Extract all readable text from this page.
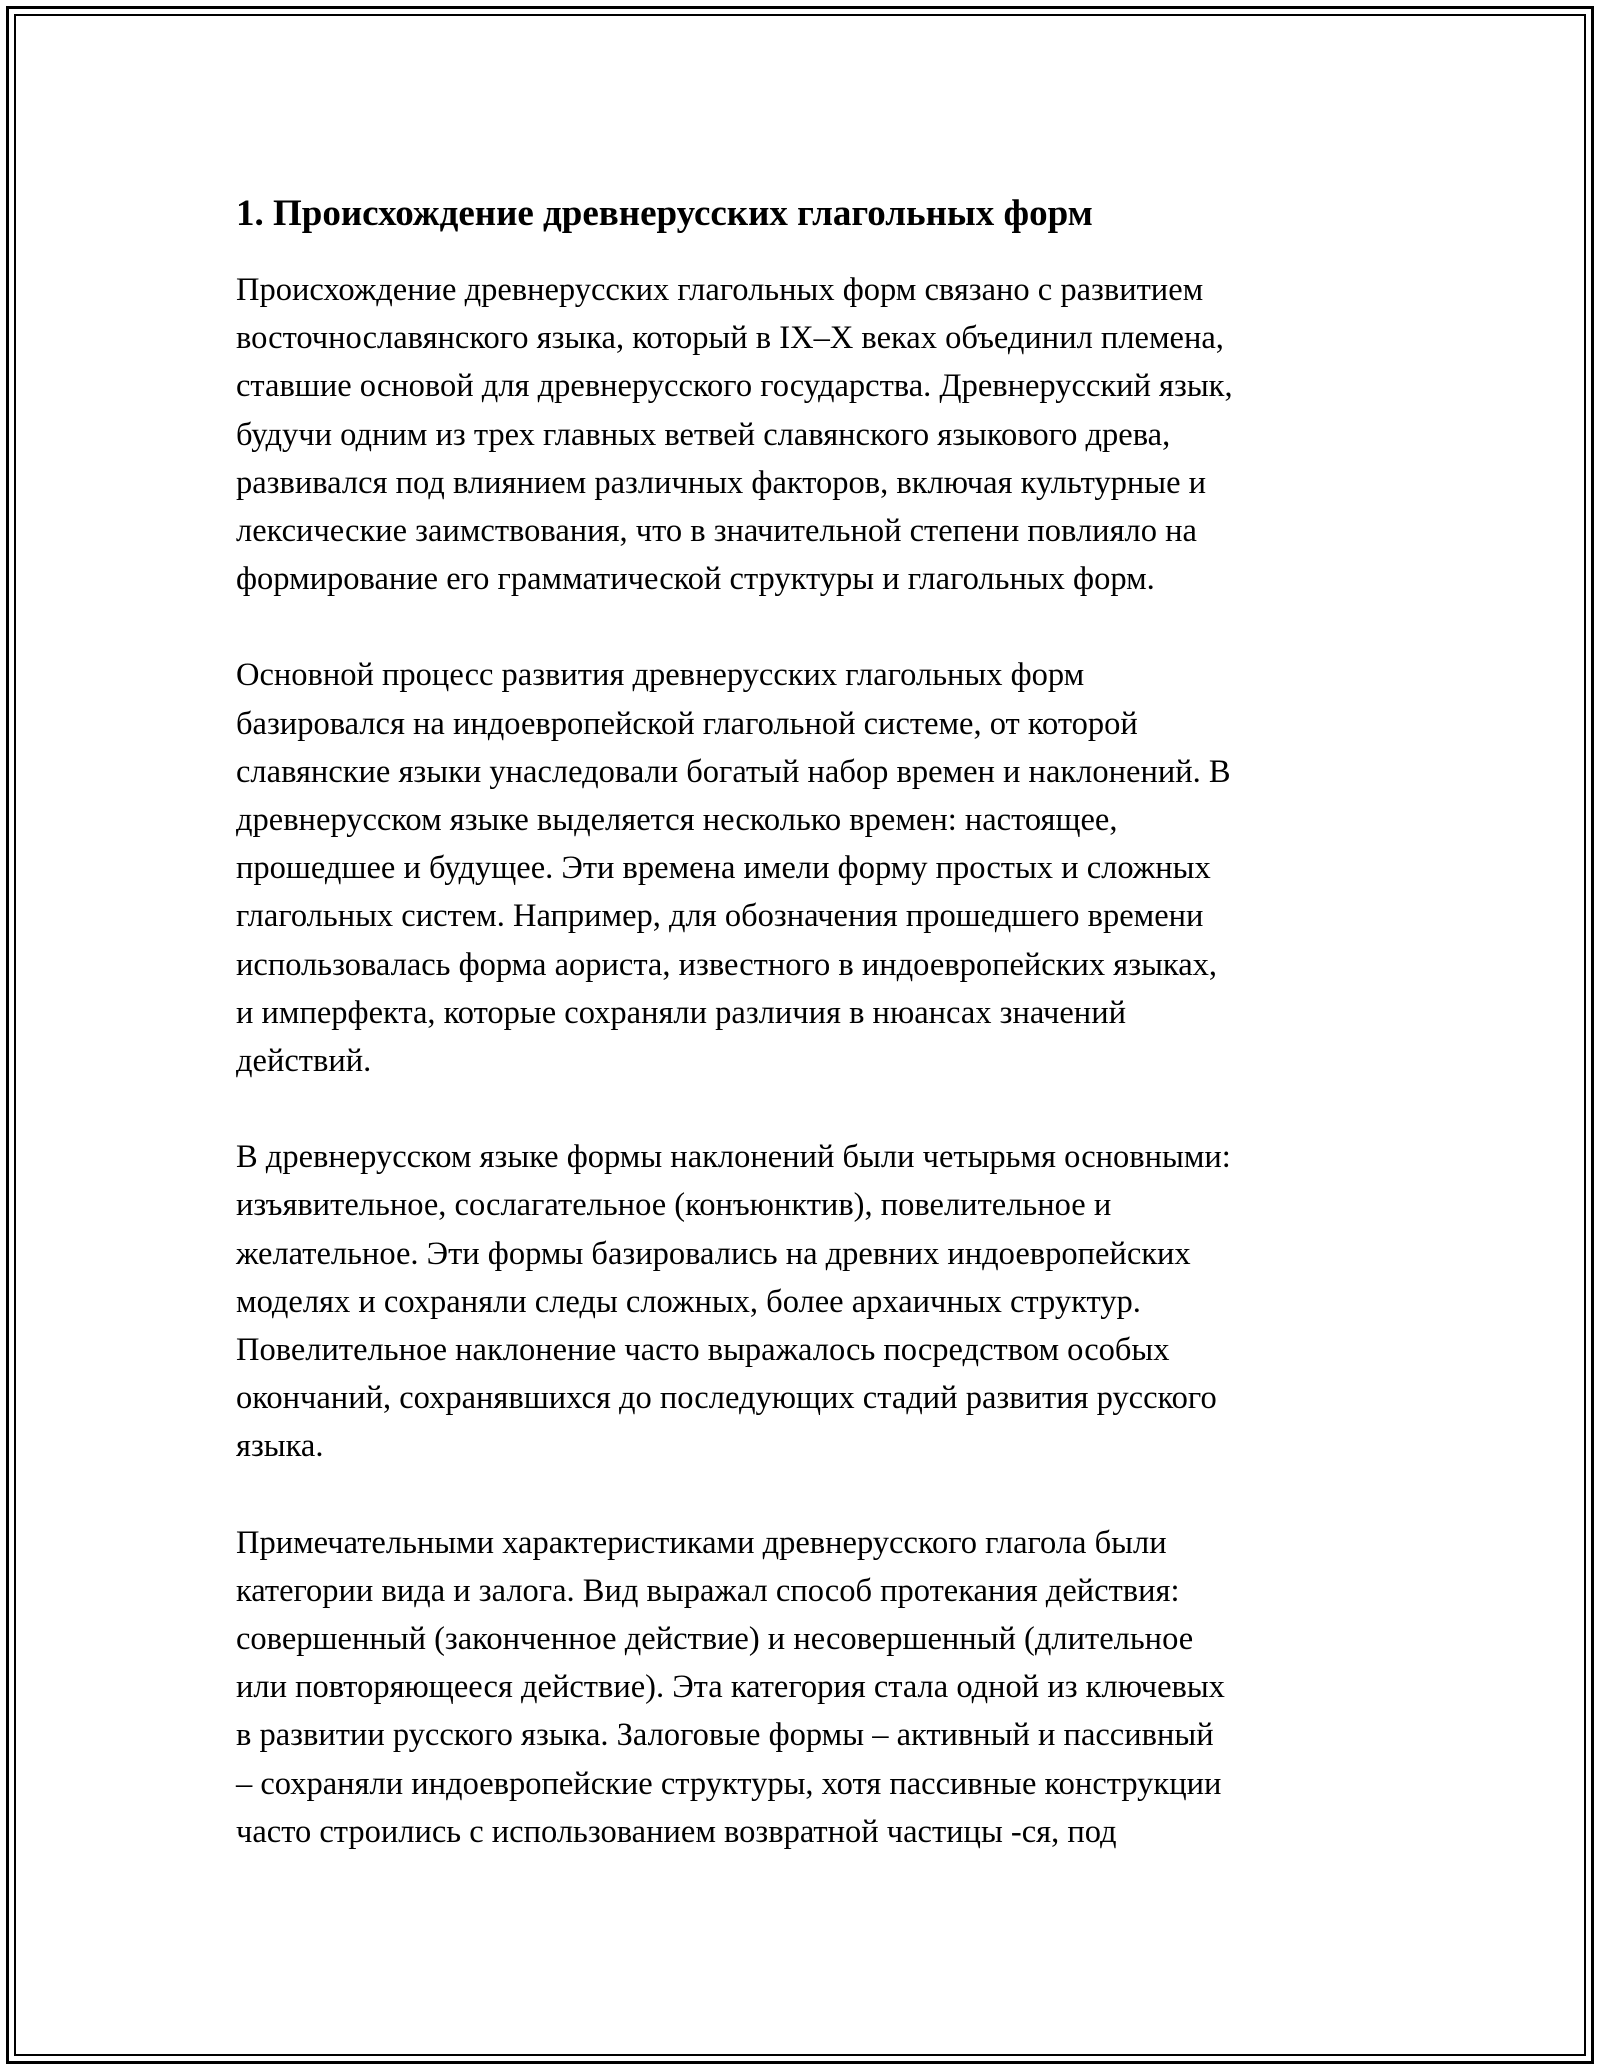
1. Происхождение древнерусских глагольных форм

Происхождение древнерусских глагольных форм связано с развитием
восточнославянского языка, который в IX–X веках объединил племена,
ставшие основой для древнерусского государства. Древнерусский язык,
будучи одним из трех главных ветвей славянского языкового древа,
развивался под влиянием различных факторов, включая культурные и
лексические заимствования, что в значительной степени повлияло на
формирование его грамматической структуры и глагольных форм.

Основной процесс развития древнерусских глагольных форм
базировался на индоевропейской глагольной системе, от которой
славянские языки унаследовали богатый набор времен и наклонений. В
древнерусском языке выделяется несколько времен: настоящее,
прошедшее и будущее. Эти времена имели форму простых и сложных
глагольных систем. Например, для обозначения прошедшего времени
использовалась форма аориста, известного в индоевропейских языках,
и имперфекта, которые сохраняли различия в нюансах значений
действий.

В древнерусском языке формы наклонений были четырьмя основными:
изъявительное, сослагательное (конъюнктив), повелительное и
желательное. Эти формы базировались на древних индоевропейских
моделях и сохраняли следы сложных, более архаичных структур.
Повелительное наклонение часто выражалось посредством особых
окончаний, сохранявшихся до последующих стадий развития русского
языка.

Примечательными характеристиками древнерусского глагола были
категории вида и залога. Вид выражал способ протекания действия:
совершенный (законченное действие) и несовершенный (длительное
или повторяющееся действие). Эта категория стала одной из ключевых
в развитии русского языка. Залоговые формы – активный и пассивный
– сохраняли индоевропейские структуры, хотя пассивные конструкции
часто строились с использованием возвратной частицы -ся, под
